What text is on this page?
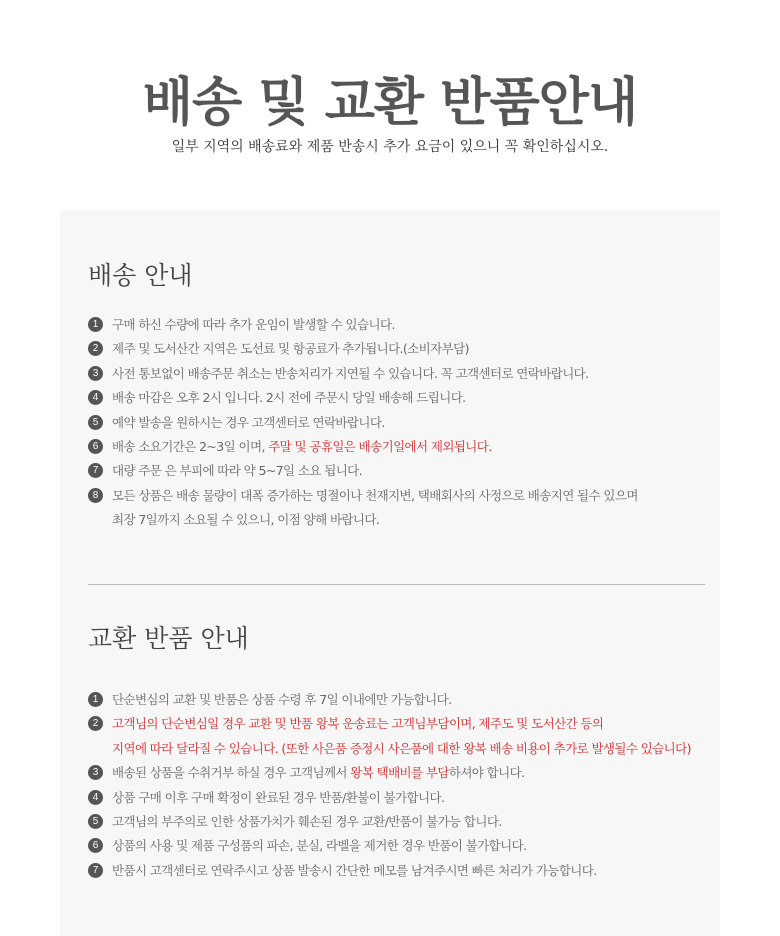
배송 및 교환 반품안내

일부 지역의 배송료와 제품 반송시 추가 요금이 있으니 꼭 확인하십시오.

배송 안내
1	구매 하신 수량에 따라 추가 운임이 발생할 수 있습니다.
2	제주 및 도서산간 지역은 도선료 및 항공료가 추가됩니다.(소비자부담)
3	사전 통보없이 배송주문 취소는 반송처리가 지연될 수 있습니다. 꼭 고객센터로 연락바랍니다.
4	배송 마감은 오후 2시 입니다. 2시 전에 주문시 당일 배송해 드립니다.
5	예약 발송을 원하시는 경우 고객센터로 연락바랍니다.
6	배송 소요기간은 2~3일 이며, 주말 및 공휴일은 배송기일에서 제외됩니다.
7	대량 주문 은 부피에 따라 약 5~7일 소요 됩니다.
8	모든 상품은 배송 물량이 대폭 증가하는 명절이나 천재지변, 택배회사의 사정으로 배송지연 될수 있으며
최장 7일까지 소요될 수 있으니, 이점 양해 바랍니다.
교환 반품 안내
1	단순변심의 교환 및 반품은 상품 수령 후 7일 이내에만 가능합니다.
2	고객님의 단순변심일 경우 교환 및 반품 왕복 운송료는 고객님부담이며, 제주도 및 도서산간 등의
지역에 따라 달라질 수 있습니다. (또한 사은품 증정시 사은품에 대한 왕복 배송 비용이 추가로 발생될수 있습니다)
3	배송된 상품을 수취거부 하실 경우 고객님께서 왕복 택배비를 부담하셔야 합니다.
4	상품 구매 이후 구매 확정이 완료된 경우 반품/환불이 불가합니다.
5	고객님의 부주의로 인한 상품가치가 훼손된 경우 교환/반품이 불가능 합니다.
6	상품의 사용 및 제품 구성품의 파손, 분실, 라벨을 제거한 경우 반품이 불가합니다.
7	반품시 고객센터로 연락주시고 상품 발송시 간단한 메모를 남겨주시면 빠른 처리가 가능합니다.
